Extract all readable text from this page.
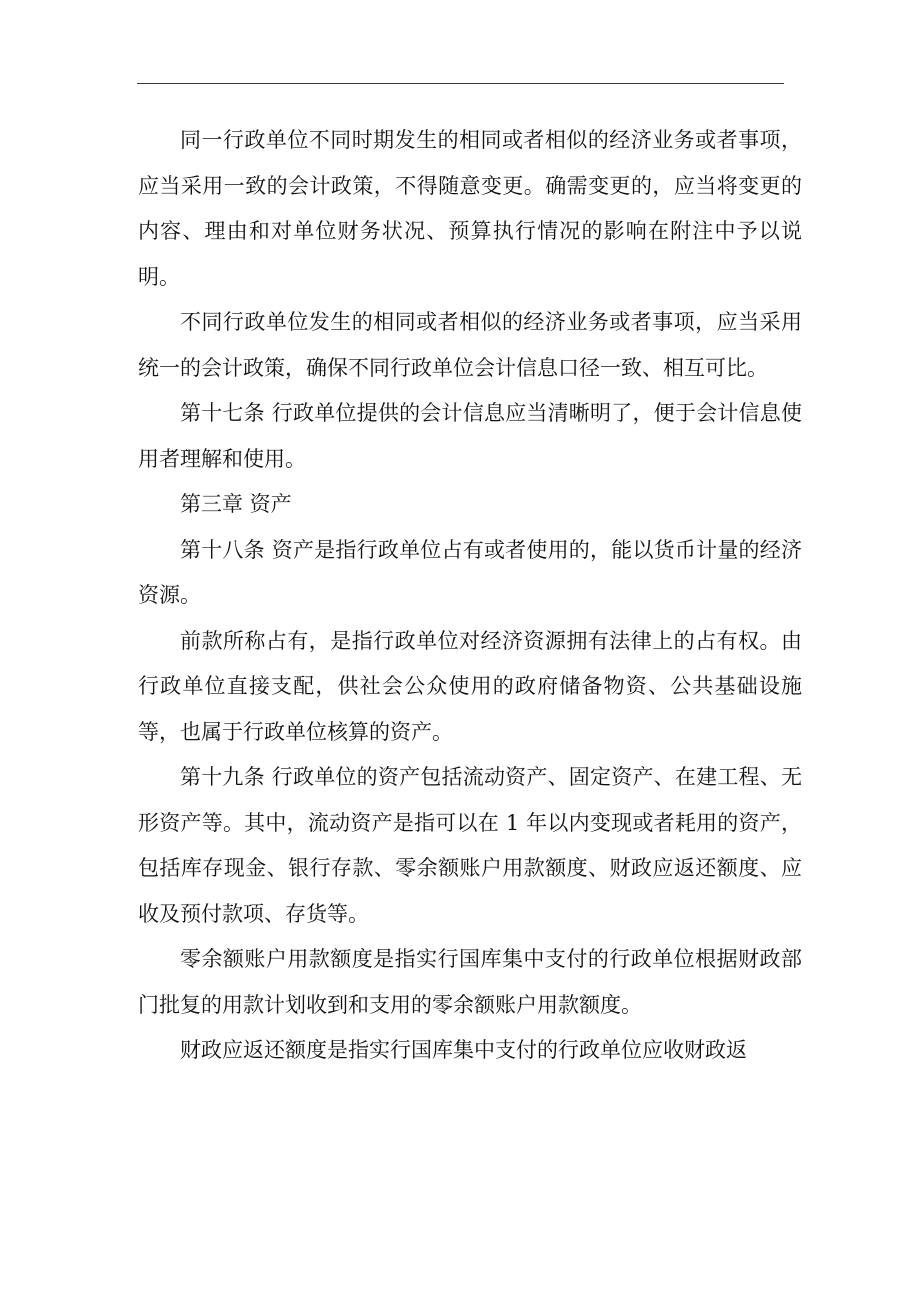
同一行政单位不同时期发生的相同或者相似的经济业务或者事项，应当采用一致的会计政策，不得随意变更。确需变更的，应当将变更的内容、理由和对单位财务状况、预算执行情况的影响在附注中予以说明。

不同行政单位发生的相同或者相似的经济业务或者事项，应当采用统一的会计政策，确保不同行政单位会计信息口径一致、相互可比。

第十七条 行政单位提供的会计信息应当清晰明了，便于会计信息使用者理解和使用。

第三章 资产

第十八条 资产是指行政单位占有或者使用的，能以货币计量的经济资源。

前款所称占有，是指行政单位对经济资源拥有法律上的占有权。由行政单位直接支配，供社会公众使用的政府储备物资、公共基础设施等，也属于行政单位核算的资产。

第十九条 行政单位的资产包括流动资产、固定资产、在建工程、无形资产等。其中，流动资产是指可以在 1 年以内变现或者耗用的资产，包括库存现金、银行存款、零余额账户用款额度、财政应返还额度、应收及预付款项、存货等。

零余额账户用款额度是指实行国库集中支付的行政单位根据财政部门批复的用款计划收到和支用的零余额账户用款额度。

财政应返还额度是指实行国库集中支付的行政单位应收财政返
